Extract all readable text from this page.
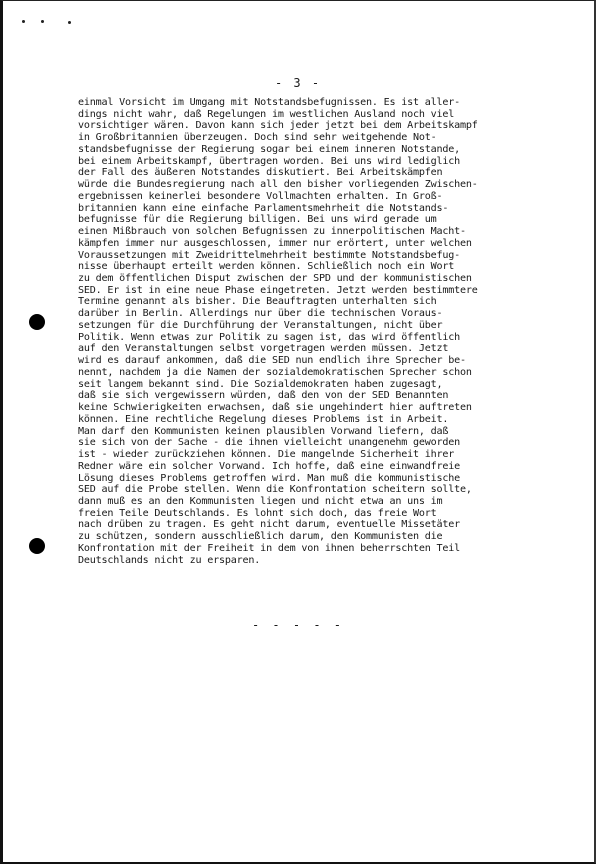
- 3 -
einmal Vorsicht im Umgang mit Notstandsbefugnissen. Es ist aller-
dings nicht wahr, daß Regelungen im westlichen Ausland noch viel
vorsichtiger wären. Davon kann sich jeder jetzt bei dem Arbeitskampf
in Großbritannien überzeugen. Doch sind sehr weitgehende Not-
standsbefugnisse der Regierung sogar bei einem inneren Notstande,
bei einem Arbeitskampf, übertragen worden. Bei uns wird lediglich
der Fall des äußeren Notstandes diskutiert. Bei Arbeitskämpfen
würde die Bundesregierung nach all den bisher vorliegenden Zwischen-
ergebnissen keinerlei besondere Vollmachten erhalten. In Groß-
britannien kann eine einfache Parlamentsmehrheit die Notstands-
befugnisse für die Regierung billigen. Bei uns wird gerade um
einen Mißbrauch von solchen Befugnissen zu innerpolitischen Macht-
kämpfen immer nur ausgeschlossen, immer nur erörtert, unter welchen
Voraussetzungen mit Zweidrittelmehrheit bestimmte Notstandsbefug-
nisse überhaupt erteilt werden können. Schließlich noch ein Wort
zu dem öffentlichen Disput zwischen der SPD und der kommunistischen
SED. Er ist in eine neue Phase eingetreten. Jetzt werden bestimmtere
Termine genannt als bisher. Die Beauftragten unterhalten sich
darüber in Berlin. Allerdings nur über die technischen Voraus-
setzungen für die Durchführung der Veranstaltungen, nicht über
Politik. Wenn etwas zur Politik zu sagen ist, das wird öffentlich
auf den Veranstaltungen selbst vorgetragen werden müssen. Jetzt
wird es darauf ankommen, daß die SED nun endlich ihre Sprecher be-
nennt, nachdem ja die Namen der sozialdemokratischen Sprecher schon
seit langem bekannt sind. Die Sozialdemokraten haben zugesagt,
daß sie sich vergewissern würden, daß den von der SED Benannten
keine Schwierigkeiten erwachsen, daß sie ungehindert hier auftreten
können. Eine rechtliche Regelung dieses Problems ist in Arbeit.
Man darf den Kommunisten keinen plausiblen Vorwand liefern, daß
sie sich von der Sache - die ihnen vielleicht unangenehm geworden
ist - wieder zurückziehen können. Die mangelnde Sicherheit ihrer
Redner wäre ein solcher Vorwand. Ich hoffe, daß eine einwandfreie
Lösung dieses Problems getroffen wird. Man muß die kommunistische
SED auf die Probe stellen. Wenn die Konfrontation scheitern sollte,
dann muß es an den Kommunisten liegen und nicht etwa an uns im
freien Teile Deutschlands. Es lohnt sich doch, das freie Wort
nach drüben zu tragen. Es geht nicht darum, eventuelle Missetäter
zu schützen, sondern ausschließlich darum, den Kommunisten die
Konfrontation mit der Freiheit in dem von ihnen beherrschten Teil
Deutschlands nicht zu ersparen.
- - - - -
